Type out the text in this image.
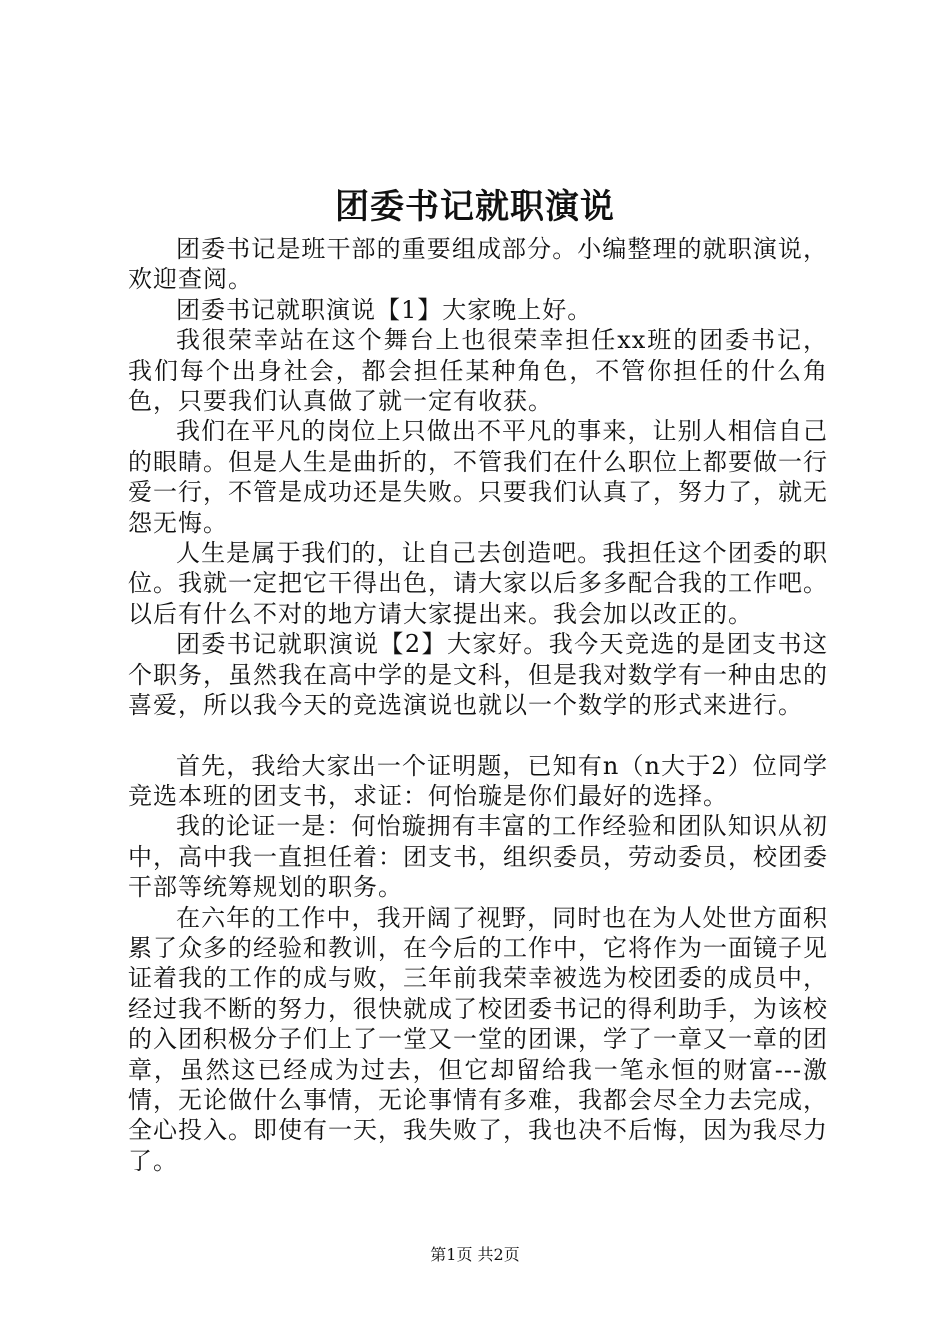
团委书记就职演说

团委书记是班干部的重要组成部分。小编整理的就职演说，欢迎查阅。

团委书记就职演说【1】大家晚上好。

我很荣幸站在这个舞台上也很荣幸担任xx班的团委书记，我们每个出身社会，都会担任某种角色，不管你担任的什么角色，只要我们认真做了就一定有收获。

我们在平凡的岗位上只做出不平凡的事来，让别人相信自己的眼睛。但是人生是曲折的，不管我们在什么职位上都要做一行爱一行，不管是成功还是失败。只要我们认真了，努力了，就无怨无悔。

人生是属于我们的，让自己去创造吧。我担任这个团委的职位。我就一定把它干得出色，请大家以后多多配合我的工作吧。以后有什么不对的地方请大家提出来。我会加以改正的。

团委书记就职演说【2】大家好。我今天竞选的是团支书这个职务，虽然我在高中学的是文科，但是我对数学有一种由忠的喜爱，所以我今天的竞选演说也就以一个数学的形式来进行。

首先，我给大家出一个证明题，已知有n（n大于2）位同学竞选本班的团支书，求证：何怡璇是你们最好的选择。

我的论证一是：何怡璇拥有丰富的工作经验和团队知识从初中，高中我一直担任着：团支书，组织委员，劳动委员，校团委干部等统筹规划的职务。

在六年的工作中，我开阔了视野，同时也在为人处世方面积累了众多的经验和教训，在今后的工作中，它将作为一面镜子见证着我的工作的成与败，三年前我荣幸被选为校团委的成员中，经过我不断的努力，很快就成了校团委书记的得利助手，为该校的入团积极分子们上了一堂又一堂的团课，学了一章又一章的团章，虽然这已经成为过去，但它却留给我一笔永恒的财富---激情，无论做什么事情，无论事情有多难，我都会尽全力去完成，全心投入。即使有一天，我失败了，我也决不后悔，因为我尽力了。

第1页 共2页
